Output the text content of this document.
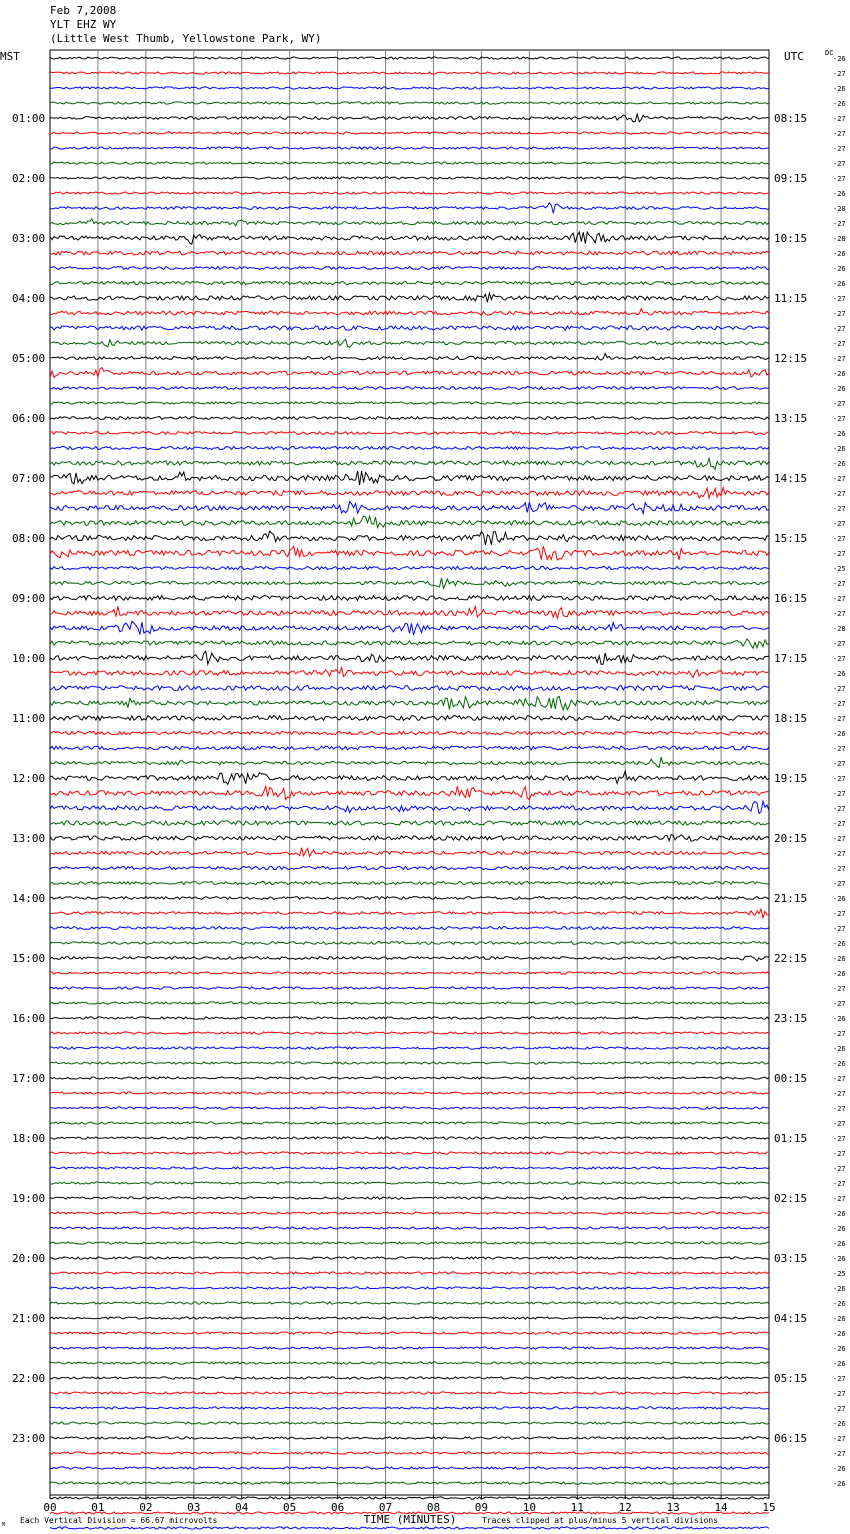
Feb 7,2008
YLT EHZ WY
(Little West Thumb, Yellowstone Park, WY)
MST	UTC	DC
01:00	08:15
02:00	09:15
03:00	10:15
04:00	11:15
05:00	12:15
06:00	13:15
07:00	14:15
08:00	15:15
09:00	16:15
10:00	17:15
11:00	18:15
12:00	19:15
13:00	20:15
14:00	21:15
15:00	22:15
16:00	23:15
17:00	00:15
18:00	01:15
19:00	02:15
20:00	03:15
21:00	04:15
22:00	05:15
23:00	06:15
-26
-27
-26
-26
-27
-27
-27
-27
-27
-26
-28
-27
-28
-26
-26
-26
-27
-27
-27
-27
-27
-26
-26
-27
-27
-26
-26
-26
-27
-27
-27
-27
-27
-27
-25
-27
-27
-27
-28
-27
-27
-26
-27
-27
-27
-26
-27
-27
-27
-27
-27
-27
-27
-27
-27
-27
-26
-27
-27
-26
-26
-26
-27
-27
-26
-27
-26
-26
-27
-27
-27
-27
-27
-27
-27
-27
-27
-26
-26
-26
-26
-25
-26
-26
-26
-26
-26
-26
-27
-27
-27
-26
-27
-27
-26
-26
00	01	02	03	04	05	06	07	08	09	10	11	12	13	14	15
TIME (MINUTES)
Each Vertical Division = 66.67 microvolts	Traces clipped at plus/minus 5 vertical divisions
M
